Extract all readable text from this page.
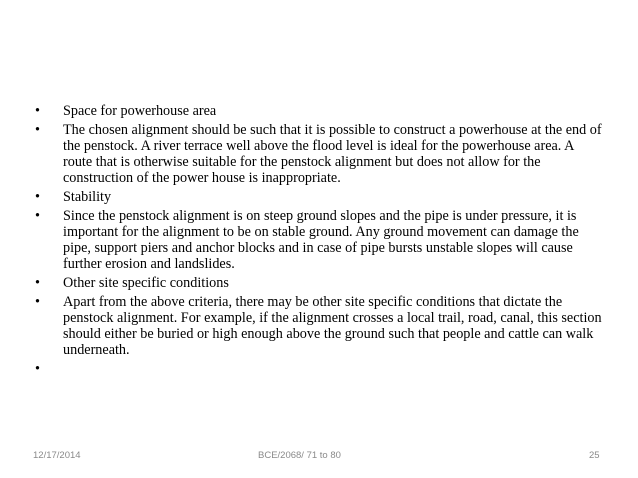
•	Space for powerhouse area
•	The chosen alignment should be such that it is possible to construct a powerhouse at the end of the penstock. A river terrace well above the flood level is ideal for the powerhouse area. A route that is otherwise suitable for the penstock alignment but does not allow for the construction of the power house is inappropriate.
•	Stability
•	Since the penstock alignment is on steep ground slopes and the pipe is under pressure, it is important for the alignment to be on stable ground. Any ground movement can damage the pipe, support piers and anchor blocks and in case of pipe bursts unstable slopes will cause further erosion and landslides.
•	Other site specific conditions
•	Apart from the above criteria, there may be other site specific conditions that dictate the penstock alignment. For example, if the alignment crosses a local trail, road, canal, this section should either be buried or high enough above the ground such that people and cattle can walk underneath.
•
12/17/2014	BCE/2068/ 71 to 80	25
